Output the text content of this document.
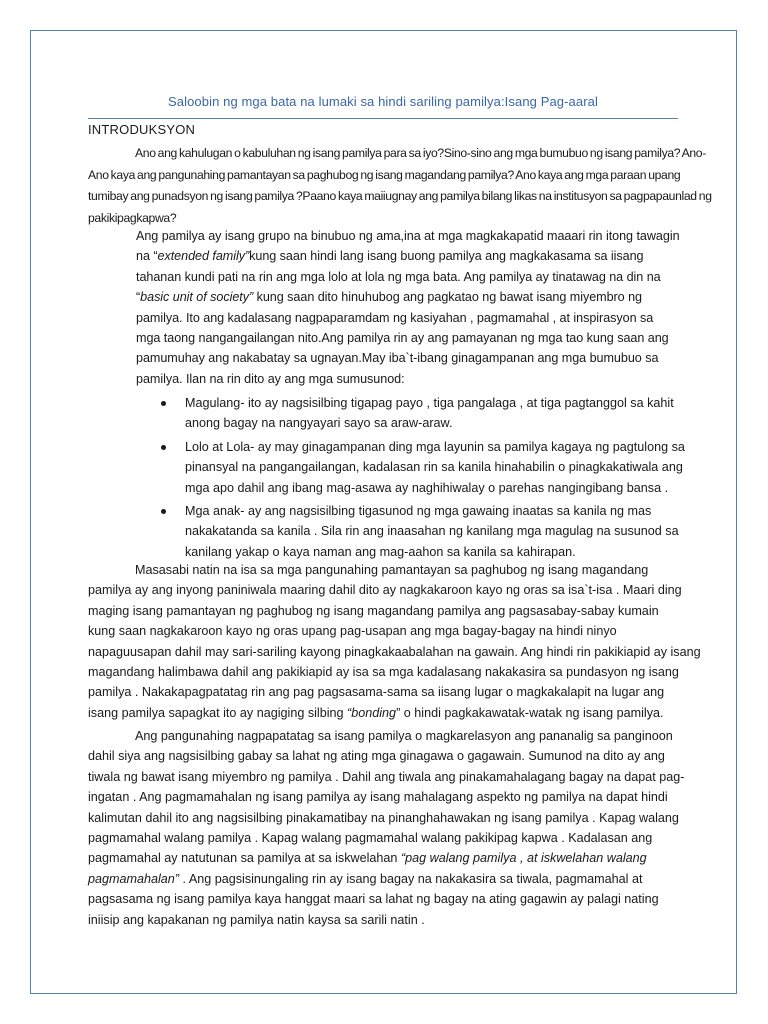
Saloobin ng mga bata na lumaki sa hindi sariling pamilya:Isang Pag-aaral
INTRODUKSYON
Ano ang kahulugan o kabuluhan ng isang pamilya para sa iyo?Sino-sino ang mga bumubuo ng isang pamilya? Ano-
Ano kaya ang pangunahing pamantayan sa paghubog ng isang magandang pamilya? Ano kaya ang mga paraan upang
tumibay ang punadsyon ng isang pamilya ?Paano kaya maiiugnay ang pamilya bilang likas na institusyon sa pagpapaunlad ng
pakikipagkapwa?
Ang pamilya ay isang grupo na binubuo ng ama,ina at mga magkakapatid maaari rin itong tawagin
na “extended family”kung saan hindi lang isang buong pamilya ang magkakasama sa iisang
tahanan kundi pati na rin ang mga lolo at lola ng mga bata. Ang pamilya ay tinatawag na din na
“basic unit of society” kung saan dito hinuhubog ang pagkatao ng bawat isang miyembro ng
pamilya. Ito ang kadalasang nagpaparamdam ng kasiyahan , pagmamahal , at inspirasyon sa
mga taong nangangailangan nito.Ang pamilya rin ay ang pamayanan ng mga tao kung saan ang
pamumuhay ang nakabatay sa ugnayan.May iba`t-ibang ginagampanan ang mga bumubuo sa
pamilya. Ilan na rin dito ay ang mga sumusunod:
Magulang- ito ay nagsisilbing tigapag payo , tiga pangalaga , at tiga pagtanggol sa kahit
anong bagay na nangyayari sayo sa araw-araw.
Lolo at Lola- ay may ginagampanan ding mga layunin sa pamilya kagaya ng pagtulong sa
pinansyal na pangangailangan, kadalasan rin sa kanila hinahabilin o pinagkakatiwala ang
mga apo dahil ang ibang mag-asawa ay naghihiwalay o parehas nangingibang bansa .
Mga anak- ay ang nagsisilbing tigasunod ng mga gawaing inaatas sa kanila ng mas
nakakatanda sa kanila . Sila rin ang inaasahan ng kanilang mga magulag na susunod sa
kanilang yakap o kaya naman ang mag-aahon sa kanila sa kahirapan.
Masasabi natin na isa sa mga pangunahing pamantayan sa paghubog ng isang magandang
pamilya ay ang inyong paniniwala maaring dahil dito ay nagkakaroon kayo ng oras sa isa`t-isa . Maari ding
maging isang pamantayan ng paghubog ng isang magandang pamilya ang pagsasabay-sabay kumain
kung saan nagkakaroon kayo ng oras upang pag-usapan ang mga bagay-bagay na hindi ninyo
napaguusapan dahil may sari-sariling kayong pinagkakaabalahan na gawain. Ang hindi rin pakikiapid ay isang
magandang halimbawa dahil ang pakikiapid ay isa sa mga kadalasang nakakasira sa pundasyon ng isang
pamilya . Nakakapagpatatag rin ang pag pagsasama-sama sa iisang lugar o magkakalapit na lugar ang
isang pamilya sapagkat ito ay nagiging silbing “bonding” o hindi pagkakawatak-watak ng isang pamilya.
Ang pangunahing nagpapatatag sa isang pamilya o magkarelasyon ang pananalig sa panginoon
dahil siya ang nagsisilbing gabay sa lahat ng ating mga ginagawa o gagawain. Sumunod na dito ay ang
tiwala ng bawat isang miyembro ng pamilya . Dahil ang tiwala ang pinakamahalagang bagay na dapat pag-
ingatan . Ang pagmamahalan ng isang pamilya ay isang mahalagang aspekto ng pamilya na dapat hindi
kalimutan dahil ito ang nagsisilbing pinakamatibay na pinanghahawakan ng isang pamilya . Kapag walang
pagmamahal walang pamilya . Kapag walang pagmamahal walang pakikipag kapwa . Kadalasan ang
pagmamahal ay natutunan sa pamilya at sa iskwelahan “pag walang pamilya , at iskwelahan walang
pagmamahalan” . Ang pagsisinungaling rin ay isang bagay na nakakasira sa tiwala, pagmamahal at
pagsasama ng isang pamilya kaya hanggat maari sa lahat ng bagay na ating gagawin ay palagi nating
iniisip ang kapakanan ng pamilya natin kaysa sa sarili natin .
